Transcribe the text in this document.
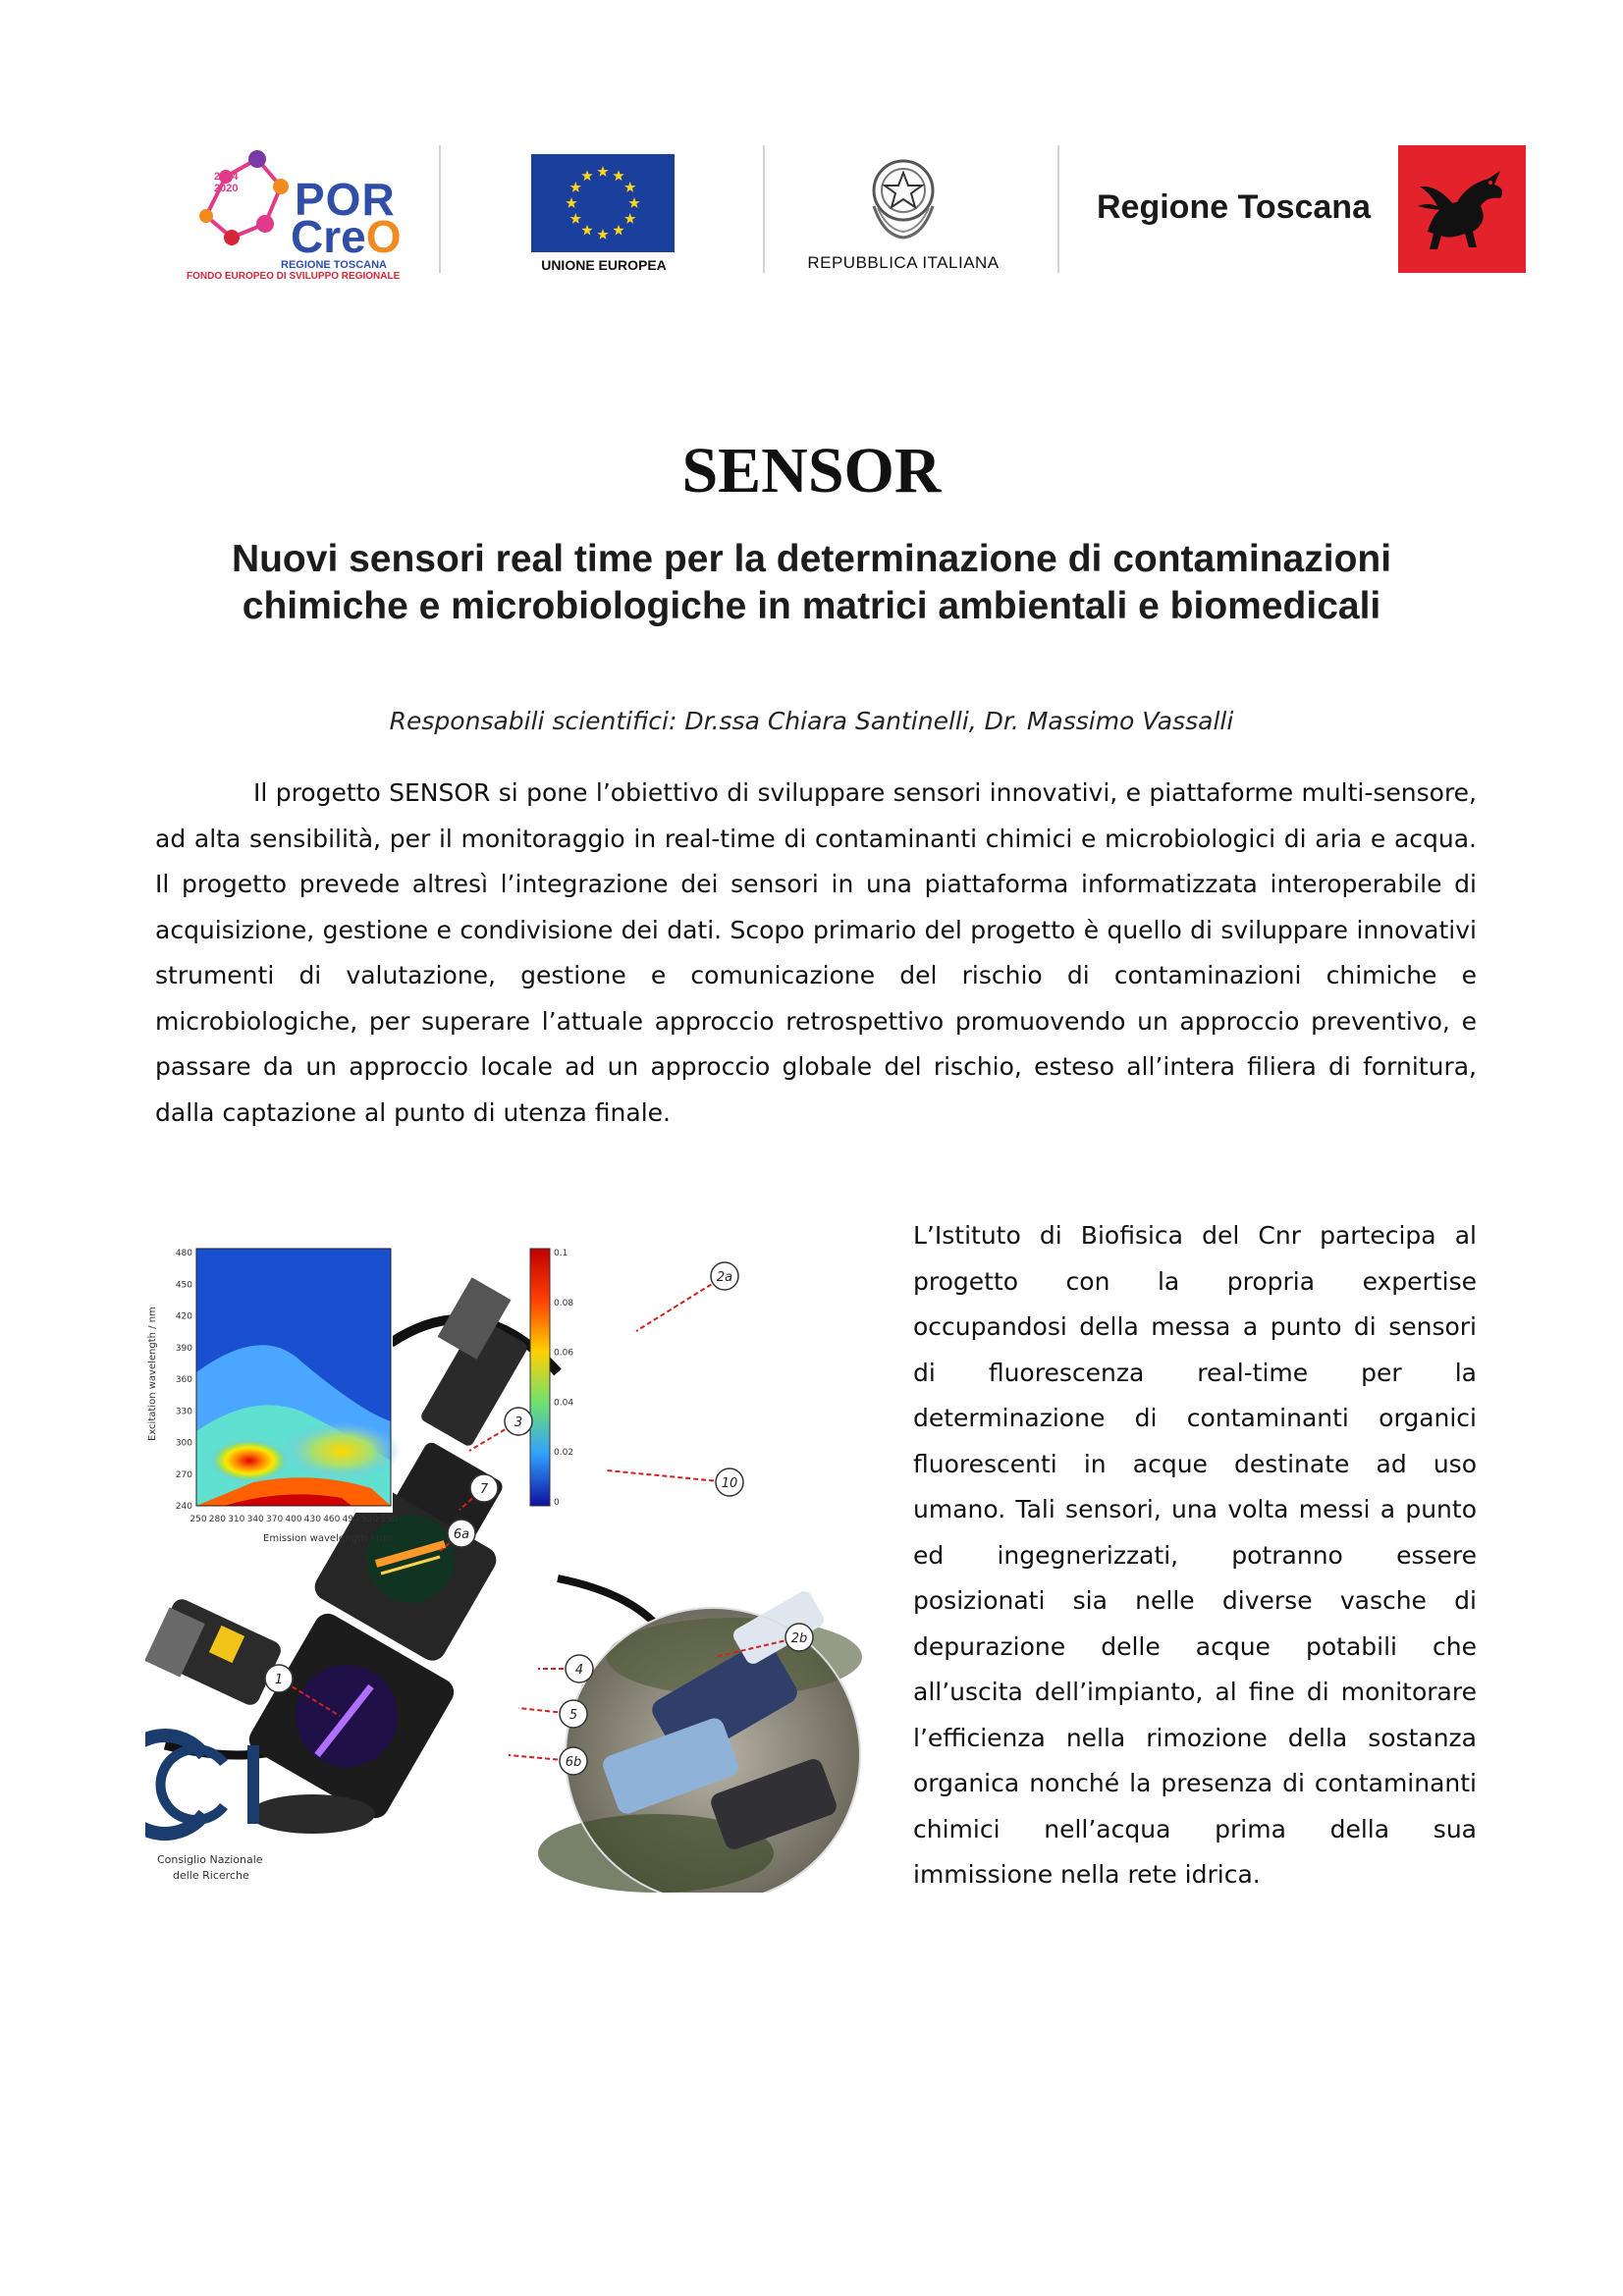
2014
2020 POR
CreO
REGIONE TOSCANA
FONDO EUROPEO DI SVILUPPO REGIONALE
UNIONE EUROPEA	REPUBBLICA ITALIANA
Regione Toscana
SENSOR
Nuovi sensori real time per la determinazione di contaminazioni chimiche e microbiologiche in matrici ambientali e biomedicali
Responsabili scientifici: Dr.ssa Chiara Santinelli, Dr. Massimo Vassalli

Il progetto SENSOR si pone l’obiettivo di sviluppare sensori innovativi, e piattaforme multi-sensore, ad alta sensibilità, per il monitoraggio in real-time di contaminanti chimici e microbiologici di aria e acqua. Il progetto prevede altresì l’integrazione dei sensori in una piattaforma informatizzata interoperabile di acquisizione, gestione e condivisione dei dati. Scopo primario del progetto è quello di sviluppare innovativi strumenti di valutazione, gestione e comunicazione del rischio di contaminazioni chimiche e microbiologiche, per superare l’attuale approccio retrospettivo promuovendo un approccio preventivo, e passare da un approccio locale ad un approccio globale del rischio, esteso all’intera filiera di fornitura, dalla captazione al punto di utenza finale.

480
450
420
390
360
330
300
270
240
250 280 310 340 370 400 430 460 490 520 550
Excitation wavelength / nm
Emission wavelength / nm
0.1
0.08
0.06
0.04
0.02
0
2a
10
6a
2b
4
5
6b
1
3
7
Consiglio Nazionale
delle Ricerche

L’Istituto di Biofisica del Cnr partecipa al progetto con la propria expertise occupandosi della messa a punto di sensori di fluorescenza real-time per la determinazione di contaminanti organici fluorescenti in acque destinate ad uso umano. Tali sensori, una volta messi a punto ed ingegnerizzati, potranno essere posizionati sia nelle diverse vasche di depurazione delle acque potabili che all’uscita dell’impianto, al fine di monitorare l’efficienza nella rimozione della sostanza organica nonché la presenza di contaminanti chimici nell’acqua prima della sua immissione nella rete idrica.
